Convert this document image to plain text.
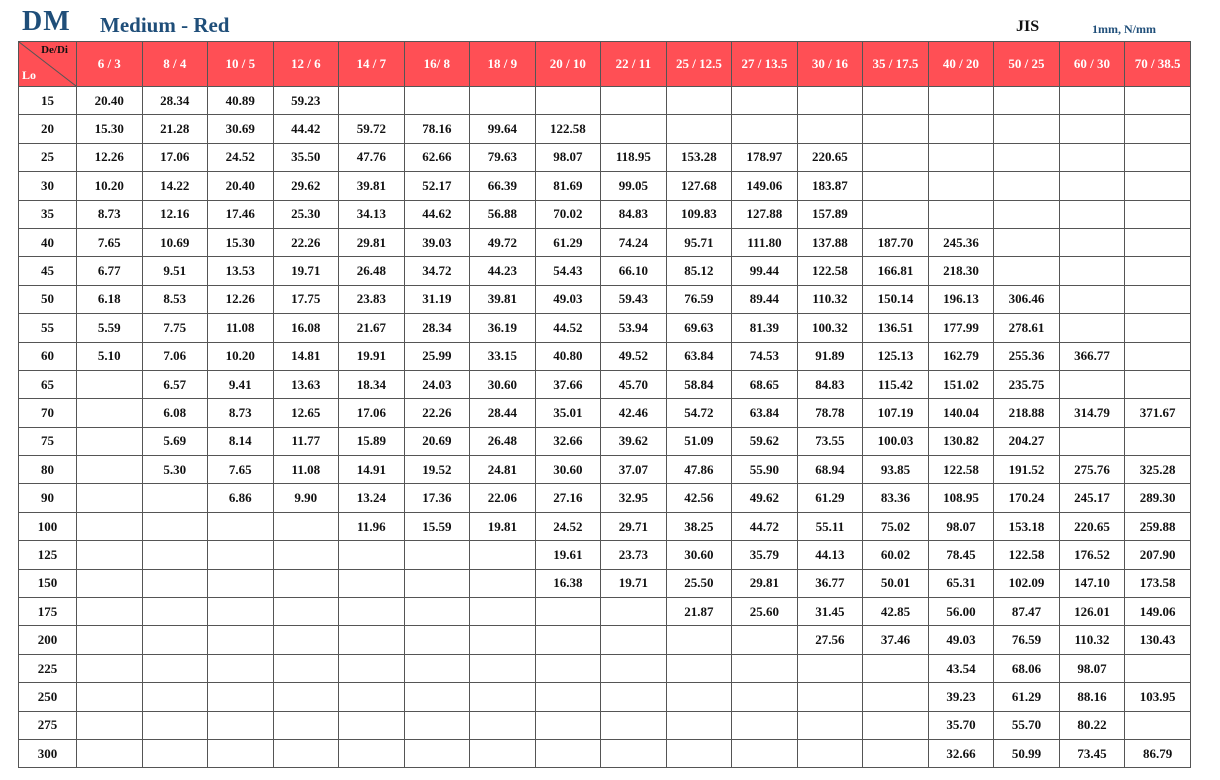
DM Medium - Red	JIS	1mm, N/mm
De/Di
Lo	6 / 3	8 / 4	10 / 5	12 / 6	14 / 7	16/ 8	18 / 9	20 / 10	22 / 11	25 / 12.5	27 / 13.5	30 / 16	35 / 17.5	40 / 20	50 / 25	60 / 30	70 / 38.5
15	20.40	28.34	40.89	59.23													
20	15.30	21.28	30.69	44.42	59.72	78.16	99.64	122.58									
25	12.26	17.06	24.52	35.50	47.76	62.66	79.63	98.07	118.95	153.28	178.97	220.65					
30	10.20	14.22	20.40	29.62	39.81	52.17	66.39	81.69	99.05	127.68	149.06	183.87					
35	8.73	12.16	17.46	25.30	34.13	44.62	56.88	70.02	84.83	109.83	127.88	157.89					
40	7.65	10.69	15.30	22.26	29.81	39.03	49.72	61.29	74.24	95.71	111.80	137.88	187.70	245.36			
45	6.77	9.51	13.53	19.71	26.48	34.72	44.23	54.43	66.10	85.12	99.44	122.58	166.81	218.30			
50	6.18	8.53	12.26	17.75	23.83	31.19	39.81	49.03	59.43	76.59	89.44	110.32	150.14	196.13	306.46		
55	5.59	7.75	11.08	16.08	21.67	28.34	36.19	44.52	53.94	69.63	81.39	100.32	136.51	177.99	278.61		
60	5.10	7.06	10.20	14.81	19.91	25.99	33.15	40.80	49.52	63.84	74.53	91.89	125.13	162.79	255.36	366.77	
65		6.57	9.41	13.63	18.34	24.03	30.60	37.66	45.70	58.84	68.65	84.83	115.42	151.02	235.75		
70		6.08	8.73	12.65	17.06	22.26	28.44	35.01	42.46	54.72	63.84	78.78	107.19	140.04	218.88	314.79	371.67
75		5.69	8.14	11.77	15.89	20.69	26.48	32.66	39.62	51.09	59.62	73.55	100.03	130.82	204.27		
80		5.30	7.65	11.08	14.91	19.52	24.81	30.60	37.07	47.86	55.90	68.94	93.85	122.58	191.52	275.76	325.28
90			6.86	9.90	13.24	17.36	22.06	27.16	32.95	42.56	49.62	61.29	83.36	108.95	170.24	245.17	289.30
100					11.96	15.59	19.81	24.52	29.71	38.25	44.72	55.11	75.02	98.07	153.18	220.65	259.88
125								19.61	23.73	30.60	35.79	44.13	60.02	78.45	122.58	176.52	207.90
150								16.38	19.71	25.50	29.81	36.77	50.01	65.31	102.09	147.10	173.58
175										21.87	25.60	31.45	42.85	56.00	87.47	126.01	149.06
200												27.56	37.46	49.03	76.59	110.32	130.43
225														43.54	68.06	98.07	
250														39.23	61.29	88.16	103.95
275														35.70	55.70	80.22	
300														32.66	50.99	73.45	86.79
